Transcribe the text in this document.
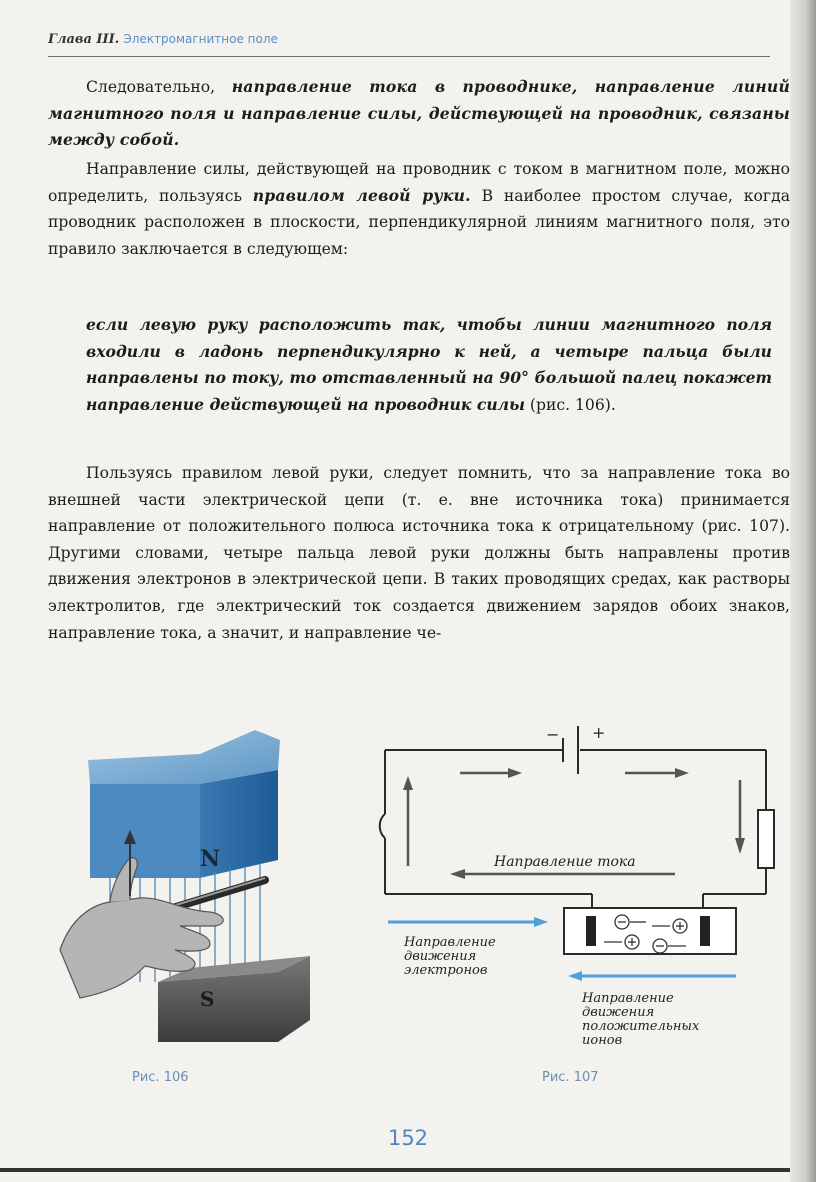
Глава III. Электромагнитное поле

Следовательно, направление тока в проводнике, направление линий магнитного поля и направление силы, действующей на проводник, связаны между собой.

Направление силы, действующей на проводник с током в магнитном поле, можно определить, пользуясь правилом левой руки. В наиболее простом случае, когда проводник расположен в плоскости, перпендикулярной линиям магнитного поля, это правило заключается в следующем:

если левую руку расположить так, чтобы линии магнитного поля входили в ладонь перпендикулярно к ней, а четыре пальца были направлены по току, то отставленный на 90° большой палец покажет направление действующей на проводник силы (рис. 106).

Пользуясь правилом левой руки, следует помнить, что за направление тока во внешней части электрической цепи (т. е. вне источника тока) принимается направление от положительного полюса источника тока к отрицательному (рис. 107). Другими словами, четыре пальца левой руки должны быть направлены против движения электронов в электрической цепи. В таких проводящих средах, как растворы электролитов, где электрический ток создается движением зарядов обоих знаков, направление тока, а значит, и направление че-

N
S
Рис. 106
− +
Направление тока
Направление движения электронов
Направление движения положительных ионов
Рис. 107
152
